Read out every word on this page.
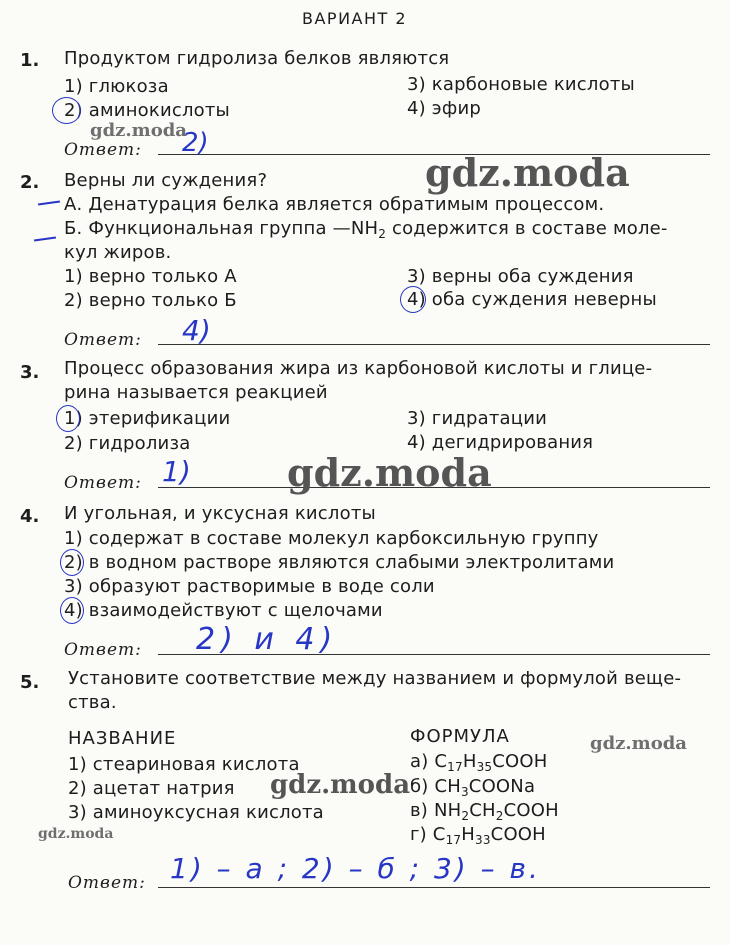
ВАРИАНТ 2
1. Продуктом гидролиза белков являются
1) глюкоза
2) аминокислоты
3) карбоновые кислоты
4) эфир
gdz.moda
Ответ: 2)
gdz.moda
2. Верны ли суждения?
А. Денатурация белка является обратимым процессом.
Б. Функциональная группа $—NH_2$ содержится в составе моле-
кул жиров.
1) верно только А
2) верно только Б
3) верны оба суждения
4) оба суждения неверны
Ответ: 4)
3. Процесс образования жира из карбоновой кислоты и глице-
рина называется реакцией
1) этерификации
2) гидролиза
3) гидратации
4) дегидрирования
Ответ: 1)	gdz.moda
4. И угольная, и уксусная кислоты
1) содержат в составе молекул карбоксильную группу
2) в водном растворе являются слабыми электролитами
3) образуют растворимые в воде соли
4) взаимодействуют с щелочами
Ответ: 2) и 4)
5. Установите соответствие между названием и формулой веще-
ства.
НАЗВАНИЕ	ФОРМУЛА
1) стеариновая кислота
2) ацетат натрия
3) аминоуксусная кислота
а) $C_{17}H_{35}COOH$
б) $CH_3COONa$
в) $NH_2CH_2COOH$
г) $C_{17}H_{33}COOH$
gdz.moda
gdz.moda
gdz.moda
Ответ: 1) – а ; 2) – б ; 3) – в.
